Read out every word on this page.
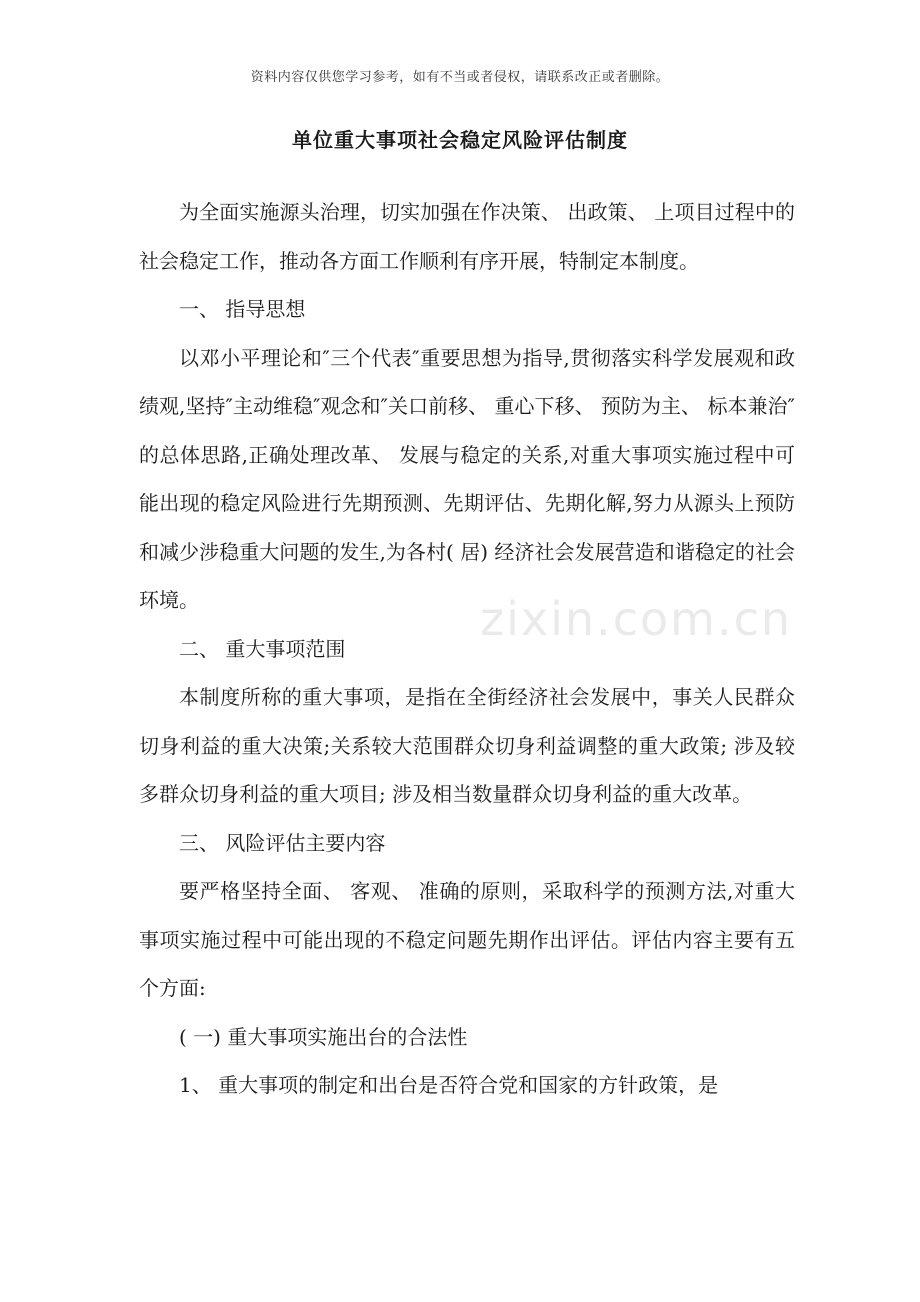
资料内容仅供您学习参考，如有不当或者侵权，请联系改正或者删除。
单位重大事项社会稳定风险评估制度

为全面实施源头治理，切实加强在作决策、 出政策、 上项目过程中的社会稳定工作，推动各方面工作顺利有序开展，特制定本制度。

一、 指导思想

以邓小平理论和″三个代表″重要思想为指导,贯彻落实科学发展观和政绩观,坚持″主动维稳″观念和″关口前移、 重心下移、 预防为主、 标本兼治″的总体思路,正确处理改革、 发展与稳定的关系,对重大事项实施过程中可能出现的稳定风险进行先期预测、先期评估、先期化解,努力从源头上预防和减少涉稳重大问题的发生,为各村( 居) 经济社会发展营造和谐稳定的社会环境。

二、 重大事项范围

本制度所称的重大事项，是指在全街经济社会发展中，事关人民群众切身利益的重大决策;关系较大范围群众切身利益调整的重大政策; 涉及较多群众切身利益的重大项目; 涉及相当数量群众切身利益的重大改革。

三、 风险评估主要内容

要严格坚持全面、 客观、 准确的原则，采取科学的预测方法,对重大事项实施过程中可能出现的不稳定问题先期作出评估。评估内容主要有五个方面:

( 一) 重大事项实施出台的合法性

1、 重大事项的制定和出台是否符合党和国家的方针政策，是

zixin.com.cn
